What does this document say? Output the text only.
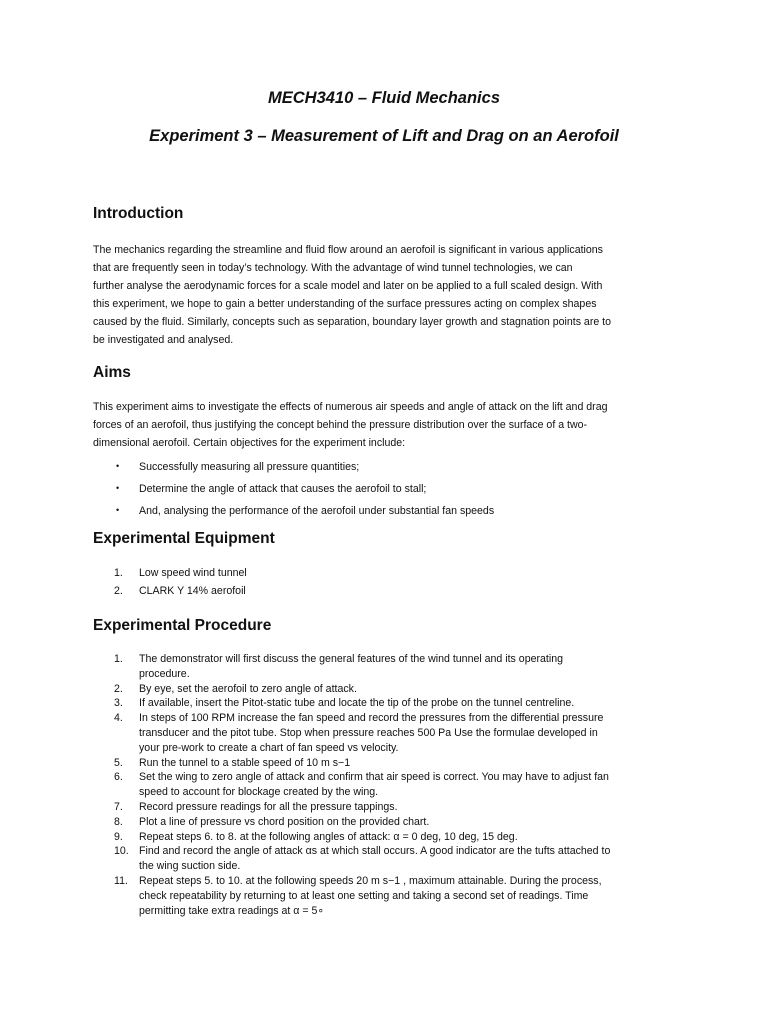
MECH3410 – Fluid Mechanics
Experiment 3 – Measurement of Lift and Drag on an Aerofoil
Introduction
The mechanics regarding the streamline and fluid flow around an aerofoil is significant in various applications
that are frequently seen in today’s technology. With the advantage of wind tunnel technologies, we can
further analyse the aerodynamic forces for a scale model and later on be applied to a full scaled design. With
this experiment, we hope to gain a better understanding of the surface pressures acting on complex shapes
caused by the fluid. Similarly, concepts such as separation, boundary layer growth and stagnation points are to
be investigated and analysed.
Aims
This experiment aims to investigate the effects of numerous air speeds and angle of attack on the lift and drag
forces of an aerofoil, thus justifying the concept behind the pressure distribution over the surface of a two-
dimensional aerofoil. Certain objectives for the experiment include:
• Successfully measuring all pressure quantities;
• Determine the angle of attack that causes the aerofoil to stall;
• And, analysing the performance of the aerofoil under substantial fan speeds
Experimental Equipment
1. Low speed wind tunnel
2. CLARK Y 14% aerofoil
Experimental Procedure
1. The demonstrator will first discuss the general features of the wind tunnel and its operating
procedure.
2. By eye, set the aerofoil to zero angle of attack.
3. If available, insert the Pitot-static tube and locate the tip of the probe on the tunnel centreline.
4. In steps of 100 RPM increase the fan speed and record the pressures from the differential pressure
transducer and the pitot tube. Stop when pressure reaches 500 Pa Use the formulae developed in
your pre-work to create a chart of fan speed vs velocity.
5. Run the tunnel to a stable speed of 10 m s−1
6. Set the wing to zero angle of attack and confirm that air speed is correct. You may have to adjust fan
speed to account for blockage created by the wing.
7. Record pressure readings for all the pressure tappings.
8. Plot a line of pressure vs chord position on the provided chart.
9. Repeat steps 6. to 8. at the following angles of attack: α = 0 deg, 10 deg, 15 deg.
10. Find and record the angle of attack αs at which stall occurs. A good indicator are the tufts attached to
the wing suction side.
11. Repeat steps 5. to 10. at the following speeds 20 m s−1 , maximum attainable. During the process,
check repeatability by returning to at least one setting and taking a second set of readings. Time
permitting take extra readings at α = 5∘
